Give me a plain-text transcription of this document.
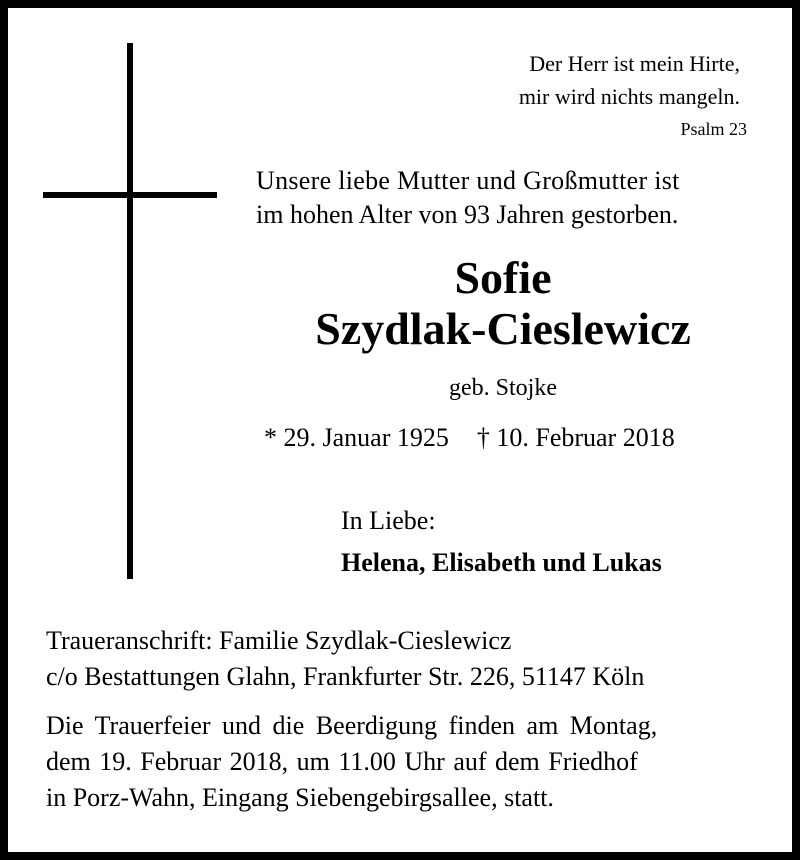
Der Herr ist mein Hirte,

mir wird nichts mangeln.

Psalm 23

Unsere liebe Mutter und Großmutter ist

im hohen Alter von 93 Jahren gestorben.

Sofie

Szydlak-Cieslewicz

geb. Stojke

* 29. Januar 1925 † 10. Februar 2018

In Liebe:

Helena, Elisabeth und Lukas

Traueranschrift: Familie Szydlak-Cieslewicz

c/o Bestattungen Glahn, Frankfurter Str. 226, 51147 Köln

Die Trauerfeier und die Beerdigung finden am Montag,

dem 19. Februar 2018, um 11.00 Uhr auf dem Friedhof

in Porz-Wahn, Eingang Siebengebirgsallee, statt.
